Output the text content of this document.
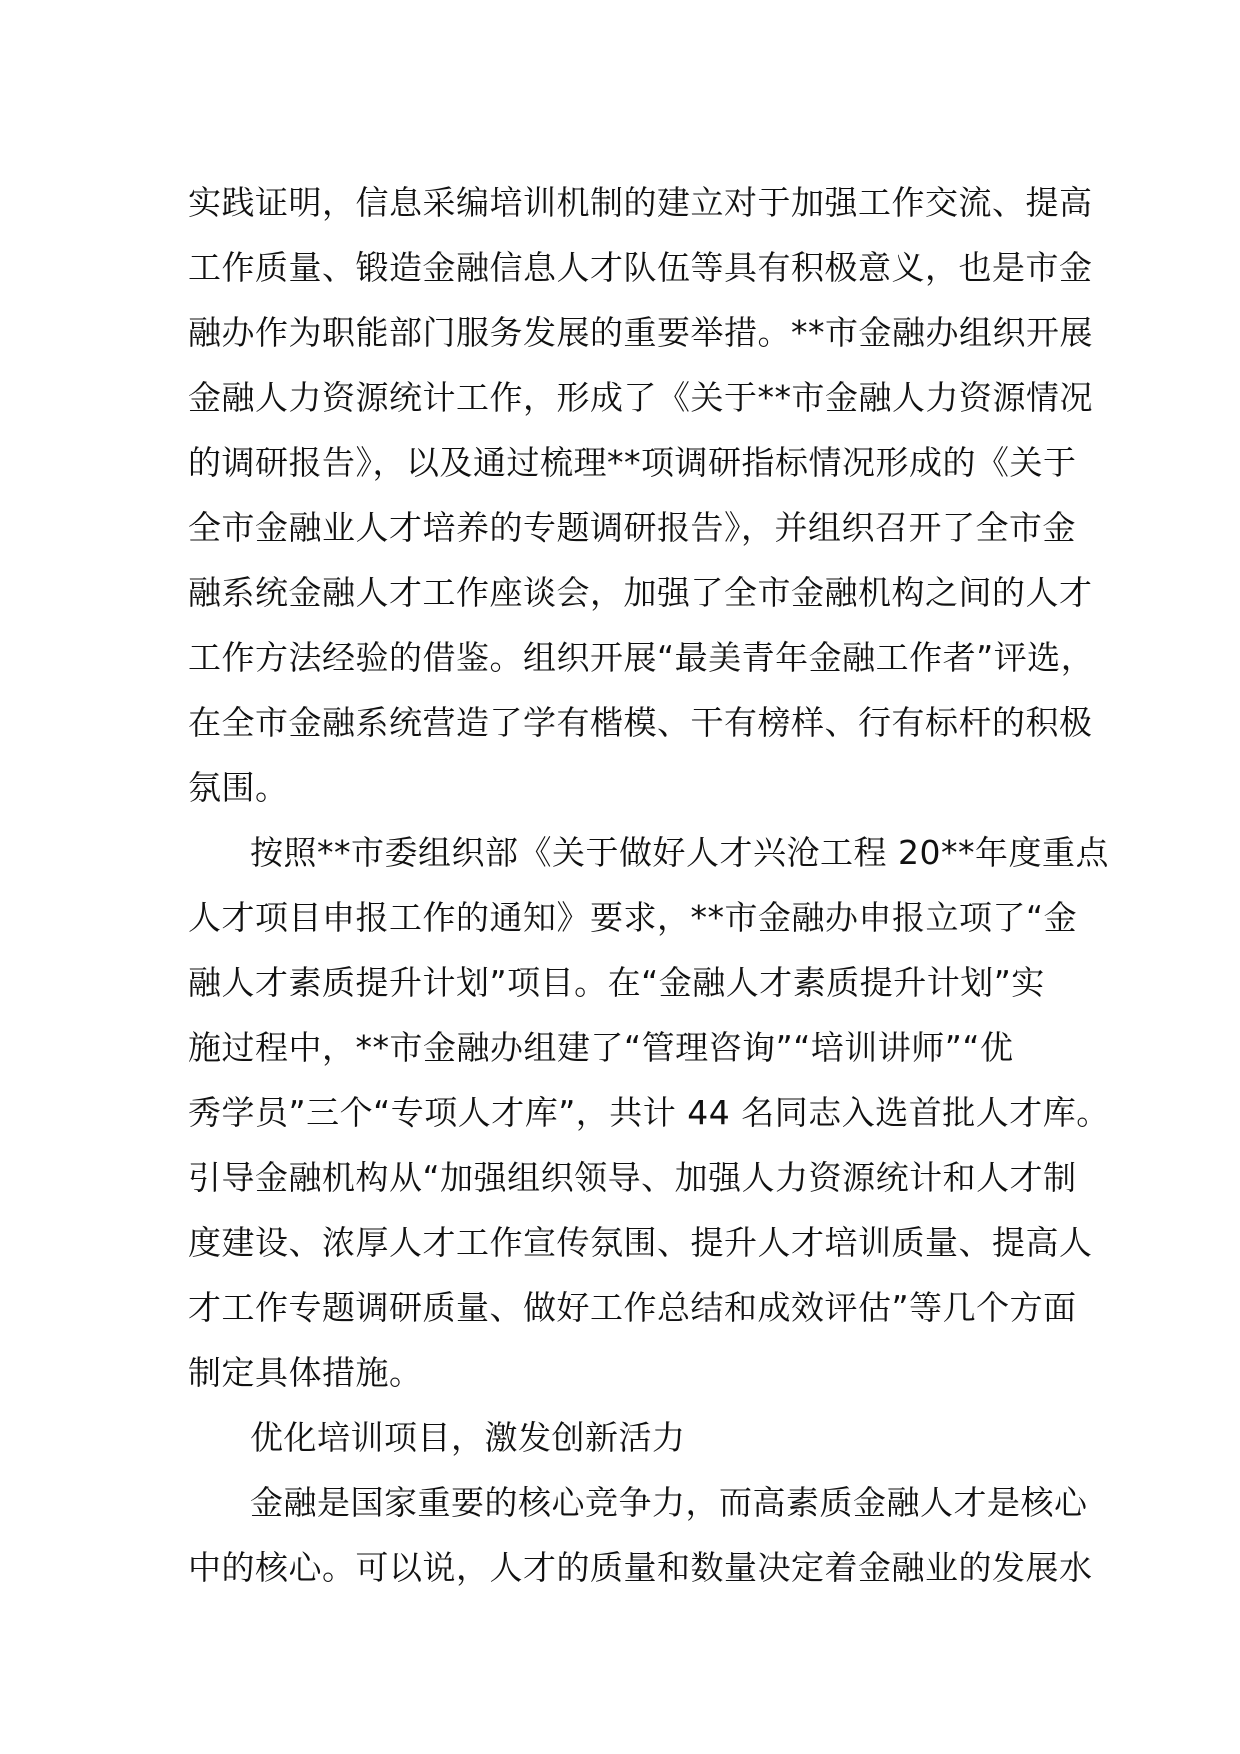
实践证明，信息采编培训机制的建立对于加强工作交流、提高
工作质量、锻造金融信息人才队伍等具有积极意义，也是市金
融办作为职能部门服务发展的重要举措。**市金融办组织开展
金融人力资源统计工作，形成了《关于**市金融人力资源情况
的调研报告》，以及通过梳理**项调研指标情况形成的《关于
全市金融业人才培养的专题调研报告》，并组织召开了全市金
融系统金融人才工作座谈会，加强了全市金融机构之间的人才
工作方法经验的借鉴。组织开展“最美青年金融工作者”评选，
在全市金融系统营造了学有楷模、干有榜样、行有标杆的积极
氛围。
按照**市委组织部《关于做好人才兴沧工程 20**年度重点
人才项目申报工作的通知》要求，**市金融办申报立项了“金
融人才素质提升计划”项目。在“金融人才素质提升计划”实
施过程中，**市金融办组建了“管理咨询”“培训讲师”“优
秀学员”三个“专项人才库”，共计 44 名同志入选首批人才库。
引导金融机构从“加强组织领导、加强人力资源统计和人才制
度建设、浓厚人才工作宣传氛围、提升人才培训质量、提高人
才工作专题调研质量、做好工作总结和成效评估”等几个方面
制定具体措施。
优化培训项目，激发创新活力
金融是国家重要的核心竞争力，而高素质金融人才是核心
中的核心。可以说，人才的质量和数量决定着金融业的发展水
